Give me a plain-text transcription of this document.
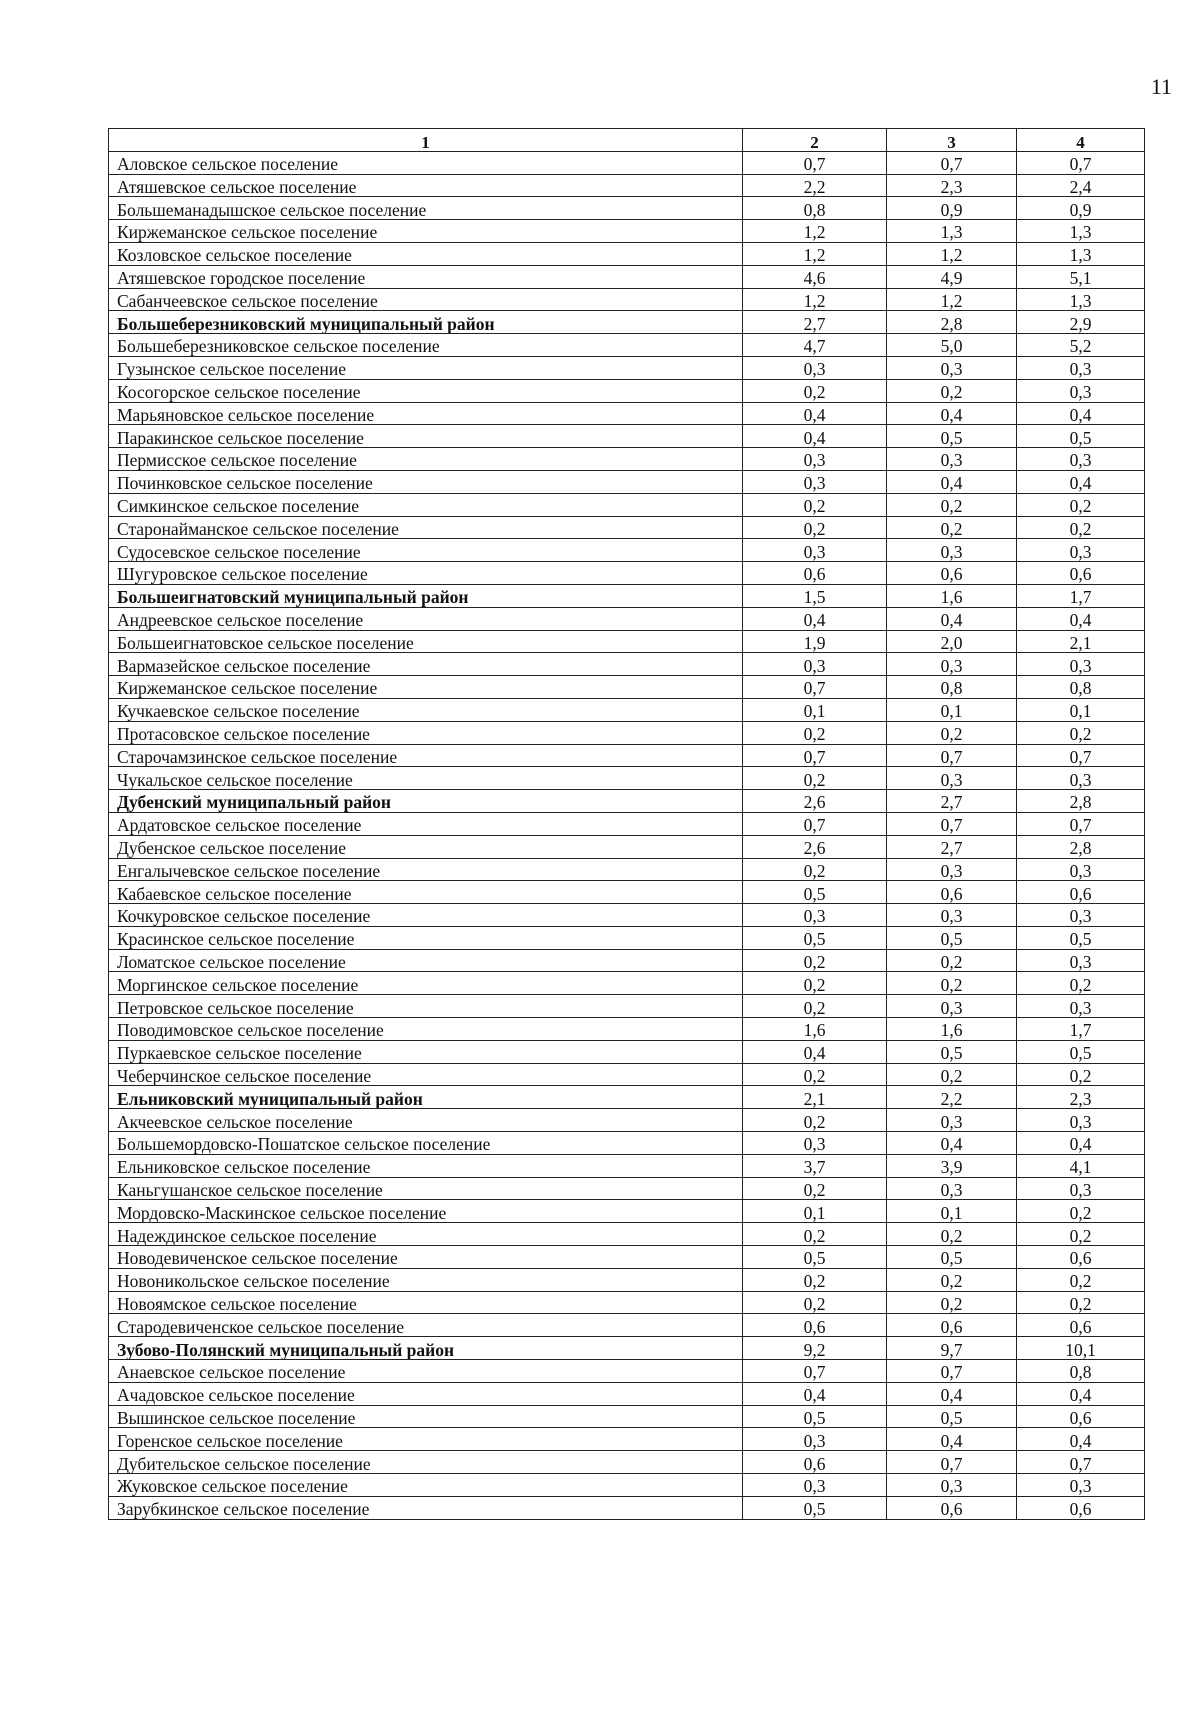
11
1	2	3	4
Аловское сельское поселение	0,7	0,7	0,7
Атяшевское сельское поселение	2,2	2,3	2,4
Большеманадышское сельское поселение	0,8	0,9	0,9
Киржеманское сельское поселение	1,2	1,3	1,3
Козловское сельское поселение	1,2	1,2	1,3
Атяшевское городское поселение	4,6	4,9	5,1
Сабанчеевское сельское поселение	1,2	1,2	1,3
Большеберезниковский муниципальный район	2,7	2,8	2,9
Большеберезниковское сельское поселение	4,7	5,0	5,2
Гузынское сельское поселение	0,3	0,3	0,3
Косогорское сельское поселение	0,2	0,2	0,3
Марьяновское сельское поселение	0,4	0,4	0,4
Паракинское сельское поселение	0,4	0,5	0,5
Пермисское сельское поселение	0,3	0,3	0,3
Починковское сельское поселение	0,3	0,4	0,4
Симкинское сельское поселение	0,2	0,2	0,2
Старонайманское сельское поселение	0,2	0,2	0,2
Судосевское сельское поселение	0,3	0,3	0,3
Шугуровское сельское поселение	0,6	0,6	0,6
Большеигнатовский муниципальный район	1,5	1,6	1,7
Андреевское сельское поселение	0,4	0,4	0,4
Большеигнатовское сельское поселение	1,9	2,0	2,1
Вармазейское сельское поселение	0,3	0,3	0,3
Киржеманское сельское поселение	0,7	0,8	0,8
Кучкаевское сельское поселение	0,1	0,1	0,1
Протасовское сельское поселение	0,2	0,2	0,2
Старочамзинское сельское поселение	0,7	0,7	0,7
Чукальское сельское поселение	0,2	0,3	0,3
Дубенский муниципальный район	2,6	2,7	2,8
Ардатовское сельское поселение	0,7	0,7	0,7
Дубенское сельское поселение	2,6	2,7	2,8
Енгалычевское сельское поселение	0,2	0,3	0,3
Кабаевское сельское поселение	0,5	0,6	0,6
Кочкуровское сельское поселение	0,3	0,3	0,3
Красинское сельское поселение	0,5	0,5	0,5
Ломатское сельское поселение	0,2	0,2	0,3
Моргинское сельское поселение	0,2	0,2	0,2
Петровское сельское поселение	0,2	0,3	0,3
Поводимовское сельское поселение	1,6	1,6	1,7
Пуркаевское сельское поселение	0,4	0,5	0,5
Чеберчинское сельское поселение	0,2	0,2	0,2
Ельниковский муниципальный район	2,1	2,2	2,3
Акчеевское сельское поселение	0,2	0,3	0,3
Большемордовско-Пошатское сельское поселение	0,3	0,4	0,4
Ельниковское сельское поселение	3,7	3,9	4,1
Каньгушанское сельское поселение	0,2	0,3	0,3
Мордовско-Маскинское сельское поселение	0,1	0,1	0,2
Надеждинское сельское поселение	0,2	0,2	0,2
Новодевиченское сельское поселение	0,5	0,5	0,6
Новоникольское сельское поселение	0,2	0,2	0,2
Новоямское сельское поселение	0,2	0,2	0,2
Стародевиченское сельское поселение	0,6	0,6	0,6
Зубово-Полянский муниципальный район	9,2	9,7	10,1
Анаевское сельское поселение	0,7	0,7	0,8
Ачадовское сельское поселение	0,4	0,4	0,4
Вышинское сельское поселение	0,5	0,5	0,6
Горенское сельское поселение	0,3	0,4	0,4
Дубительское сельское поселение	0,6	0,7	0,7
Жуковское сельское поселение	0,3	0,3	0,3
Зарубкинское сельское поселение	0,5	0,6	0,6
